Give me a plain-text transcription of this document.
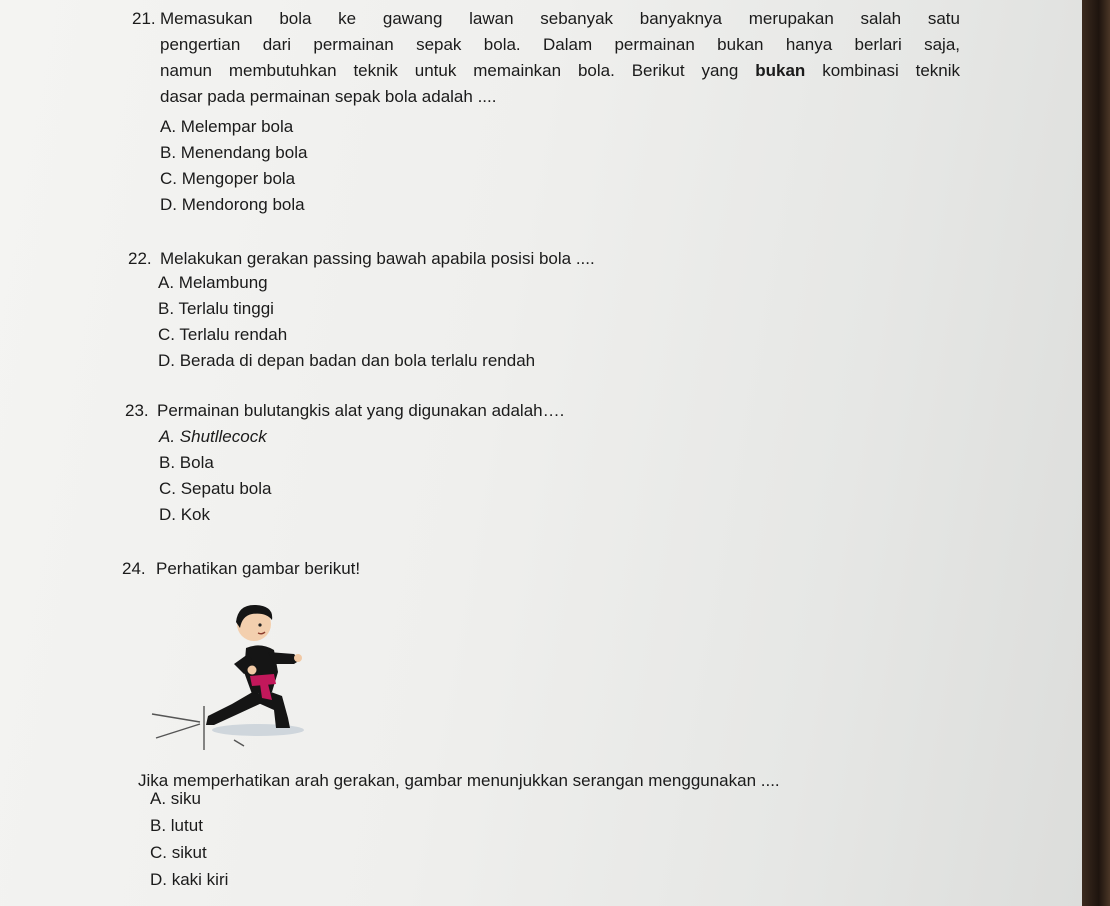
21. Memasukan bola ke gawang lawan sebanyak banyaknya merupakan salah satu
pengertian dari permainan sepak bola. Dalam permainan bukan hanya berlari saja,
namun membutuhkan teknik untuk memainkan bola. Berikut yang bukan kombinasi teknik
dasar pada permainan sepak bola adalah ....
A. Melempar bola
B. Menendang bola
C. Mengoper bola
D. Mendorong bola
22. Melakukan gerakan passing bawah apabila posisi bola ....
A. Melambung
B. Terlalu tinggi
C. Terlalu rendah
D. Berada di depan badan dan bola terlalu rendah
23. Permainan bulutangkis alat yang digunakan adalah….
A. Shutllecock
B. Bola
C. Sepatu bola
D. Kok
24. Perhatikan gambar berikut!
Jika memperhatikan arah gerakan, gambar menunjukkan serangan menggunakan ....
A. siku
B. lutut
C. sikut
D. kaki kiri
